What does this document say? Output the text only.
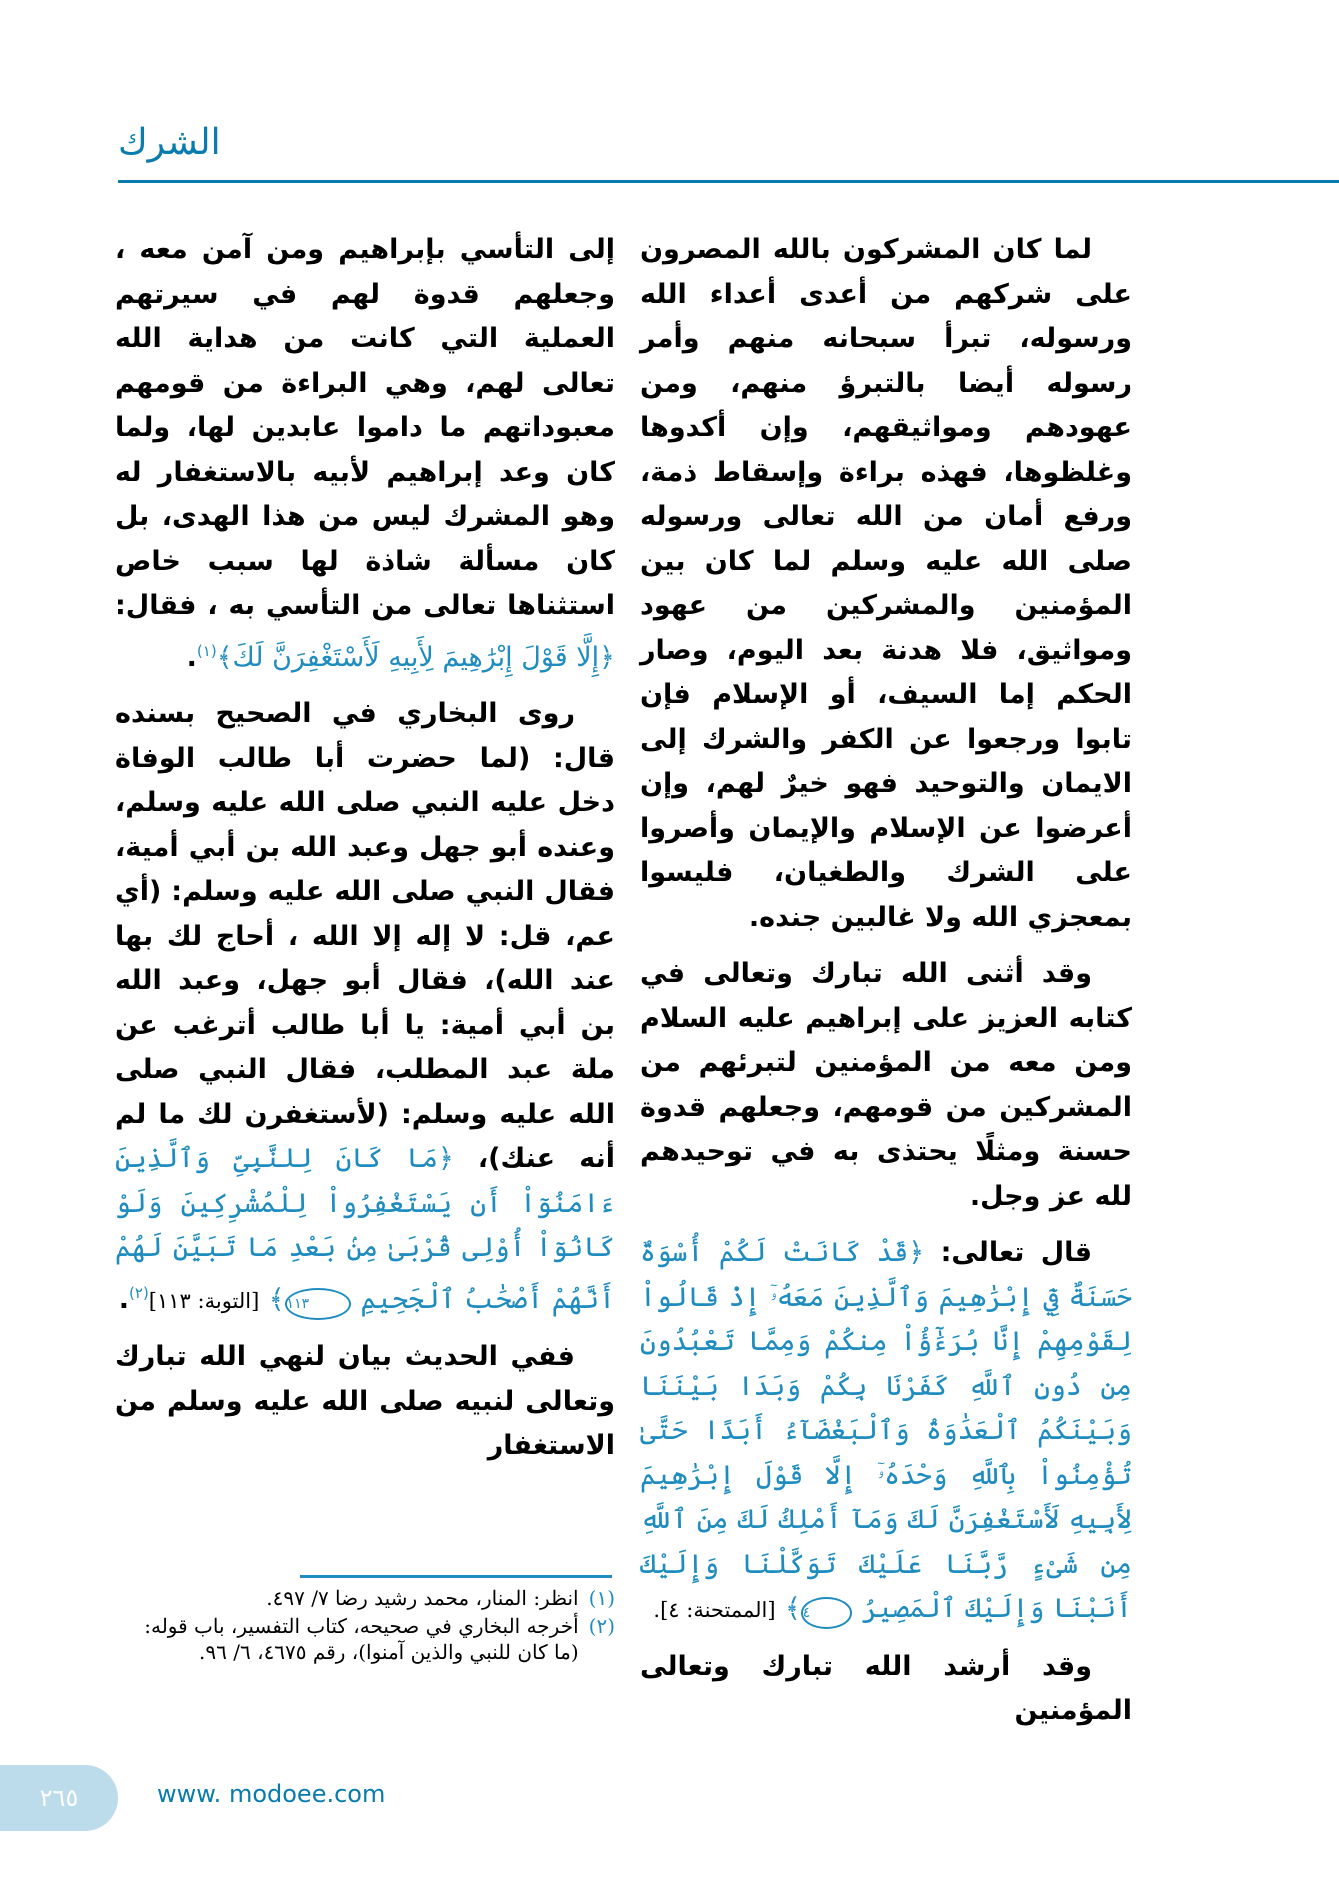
الشرك

لما كان المشركون بالله المصرون على شركهم من أعدى أعداء الله ورسوله، تبرأ سبحانه منهم وأمر رسوله أيضا بالتبرؤ منهم، ومن عهودهم ومواثيقهم، وإن أكدوها وغلظوها، فهذه براءة وإسقاط ذمة، ورفع أمان من الله تعالى ورسوله صلى الله عليه وسلم لما كان بين المؤمنين والمشركين من عهود ومواثيق، فلا هدنة بعد اليوم، وصار الحكم إما السيف، أو الإسلام فإن تابوا ورجعوا عن الكفر والشرك إلى الايمان والتوحيد فهو خيرٌ لهم، وإن أعرضوا عن الإسلام والإيمان وأصروا على الشرك والطغيان، فليسوا بمعجزي الله ولا غالبين جنده.

وقد أثنى الله تبارك وتعالى في كتابه العزيز على إبراهيم عليه السلام ومن معه من المؤمنين لتبرئهم من المشركين من قومهم، وجعلهم قدوة حسنة ومثلًا يحتذى به في توحيدهم لله عز وجل.

قال تعالى: ﴿قَدْ كَانَتْ لَكُمْ أُسْوَةٌ حَسَنَةٌ فِيٓ إِبْرَٰهِيمَ وَٱلَّذِينَ مَعَهُۥٓ إِذْ قَالُواْ لِقَوْمِهِمْ إِنَّا بُرَءَٰٓؤُاْ مِنكُمْ وَمِمَّا تَعْبُدُونَ مِن دُونِ ٱللَّهِ كَفَرْنَا بِكُمْ وَبَدَا بَيْنَنَا وَبَيْنَكُمُ ٱلْعَدَٰوَةُ وَٱلْبَغْضَآءُ أَبَدًا حَتَّىٰ تُؤْمِنُواْ بِٱللَّهِ وَحْدَهُۥٓ إِلَّا قَوْلَ إِبْرَٰهِيمَ لِأَبِيهِ لَأَسْتَغْفِرَنَّ لَكَ وَمَآ أَمْلِكُ لَكَ مِنَ ٱللَّهِ مِن شَىْءٍ رَّبَّنَا عَلَيْكَ تَوَكَّلْنَا وَإِلَيْكَ أَنَبْنَا وَإِلَيْكَ ٱلْمَصِيرُ ٤﴾ [الممتحنة: ٤].

وقد أرشد الله تبارك وتعالى المؤمنين

إلى التأسي بإبراهيم ومن آمن معه ، وجعلهم قدوة لهم في سيرتهم العملية التي كانت من هداية الله تعالى لهم، وهي البراءة من قومهم معبوداتهم ما داموا عابدين لها، ولما كان وعد إبراهيم لأبيه بالاستغفار له وهو المشرك ليس من هذا الهدى، بل كان مسألة شاذة لها سبب خاص استثناها تعالى من التأسي به ، فقال: ﴿إِلَّا قَوْلَ إِبْرَٰهِيمَ لِأَبِيهِ لَأَسْتَغْفِرَنَّ لَكَ﴾$^{(١)}$.

روى البخاري في الصحيح بسنده قال: (لما حضرت أبا طالب الوفاة دخل عليه النبي صلى الله عليه وسلم، وعنده أبو جهل وعبد الله بن أبي أمية، فقال النبي صلى الله عليه وسلم: (أي عم، قل: لا إله إلا الله ، أحاج لك بها عند الله)، فقال أبو جهل، وعبد الله بن أبي أمية: يا أبا طالب أترغب عن ملة عبد المطلب، فقال النبي صلى الله عليه وسلم: (لأستغفرن لك ما لم أنه عنك)، ﴿مَا كَانَ لِلنَّبِىِّ وَٱلَّذِينَ ءَامَنُوٓاْ أَن يَسْتَغْفِرُواْ لِلْمُشْرِكِينَ وَلَوْ كَانُوٓاْ أُوْلِى قُرْبَىٰ مِنۢ بَعْدِ مَا تَبَيَّنَ لَهُمْ أَنَّهُمْ أَصْحَٰبُ ٱلْجَحِيمِ ١١٣﴾ [التوبة: ١١٣]$^{(٢)}$.

ففي الحديث بيان لنهي الله تبارك وتعالى لنبيه صلى الله عليه وسلم من الاستغفار

(١)
انظر: المنار، محمد رشيد رضا ٧/ ٤٩٧.
(٢)
أخرجه البخاري في صحيحه، كتاب التفسير، باب قوله: (ما كان للنبي والذين آمنوا)، رقم ٤٦٧٥، ٦/ ٩٦.
٢٦٥	www. modoee.com
